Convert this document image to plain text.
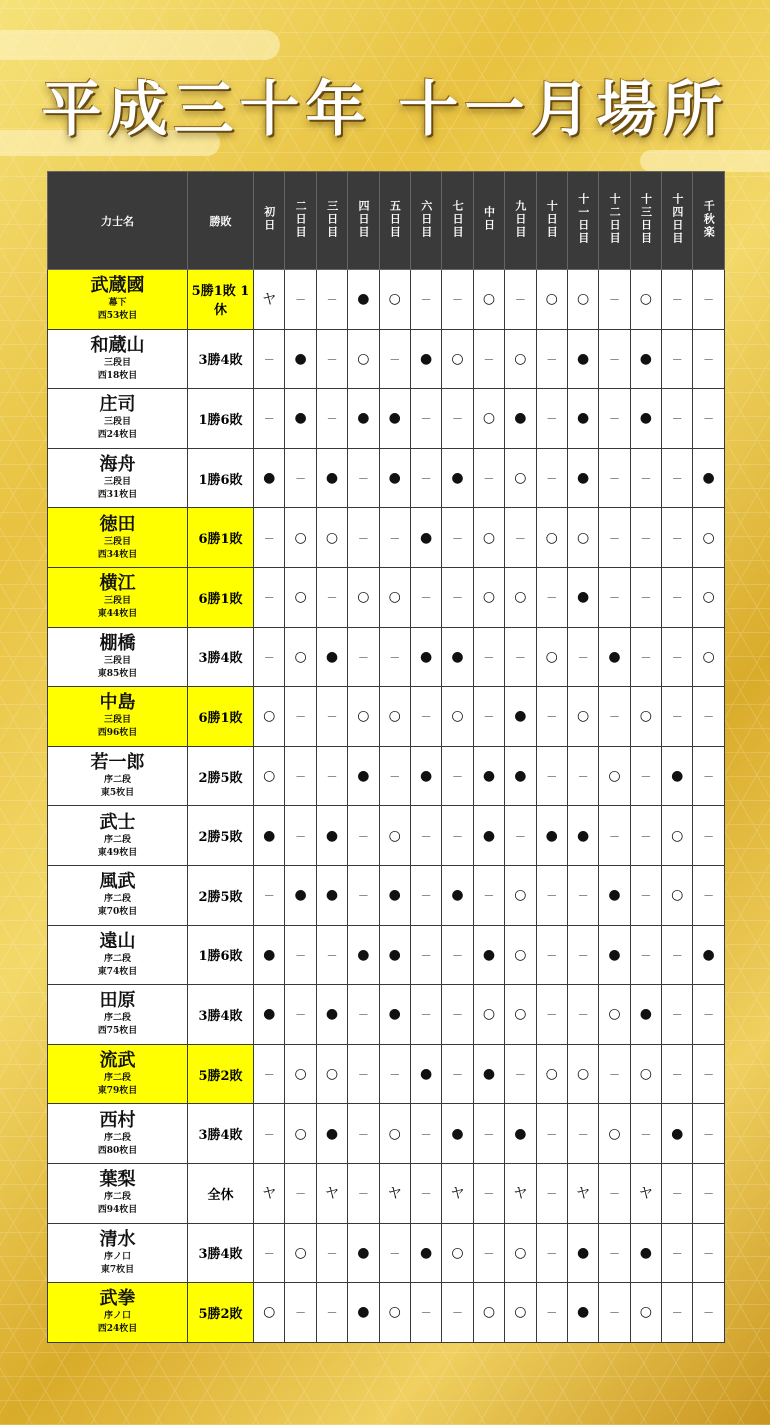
平成三十年 十一月場所
力士名	勝敗	初日	二日目	三日目	四日目	五日目	六日目	七日目	中日	九日目	十日目	十一日目	十二日目	十三日目	十四日目	千秋楽

武蔵國
幕下
西53枚目	5勝1敗 1休	ヤ	－	－	●	○	－	－	○	－	○	○	－	○	－	－

和蔵山
三段目
西18枚目	3勝4敗	－	●	－	○	－	●	○	－	○	－	●	－	●	－	－

庄司
三段目
西24枚目	1勝6敗	－	●	－	●	●	－	－	○	●	－	●	－	●	－	－

海舟
三段目
西31枚目	1勝6敗	●	－	●	－	●	－	●	－	○	－	●	－	－	－	●

徳田
三段目
西34枚目	6勝1敗	－	○	○	－	－	●	－	○	－	○	○	－	－	－	○

横江
三段目
東44枚目	6勝1敗	－	○	－	○	○	－	－	○	○	－	●	－	－	－	○

棚橋
三段目
東85枚目	3勝4敗	－	○	●	－	－	●	●	－	－	○	－	●	－	－	○

中島
三段目
西96枚目	6勝1敗	○	－	－	○	○	－	○	－	●	－	○	－	○	－	－

若一郎
序二段
東5枚目	2勝5敗	○	－	－	●	－	●	－	●	●	－	－	○	－	●	－

武士
序二段
東49枚目	2勝5敗	●	－	●	－	○	－	－	●	－	●	●	－	－	○	－

風武
序二段
東70枚目	2勝5敗	－	●	●	－	●	－	●	－	○	－	－	●	－	○	－

遠山
序二段
東74枚目	1勝6敗	●	－	－	●	●	－	－	●	○	－	－	●	－	－	●

田原
序二段
西75枚目	3勝4敗	●	－	●	－	●	－	－	○	○	－	－	○	●	－	－

流武
序二段
東79枚目	5勝2敗	－	○	○	－	－	●	－	●	－	○	○	－	○	－	－

西村
序二段
西80枚目	3勝4敗	－	○	●	－	○	－	●	－	●	－	－	○	－	●	－

葉梨
序二段
西94枚目	全休	ヤ	－	ヤ	－	ヤ	－	ヤ	－	ヤ	－	ヤ	－	ヤ	－	－

清水
序ノ口
東7枚目	3勝4敗	－	○	－	●	－	●	○	－	○	－	●	－	●	－	－

武拳
序ノ口
西24枚目	5勝2敗	○	－	－	●	○	－	－	○	○	－	●	－	○	－	－
